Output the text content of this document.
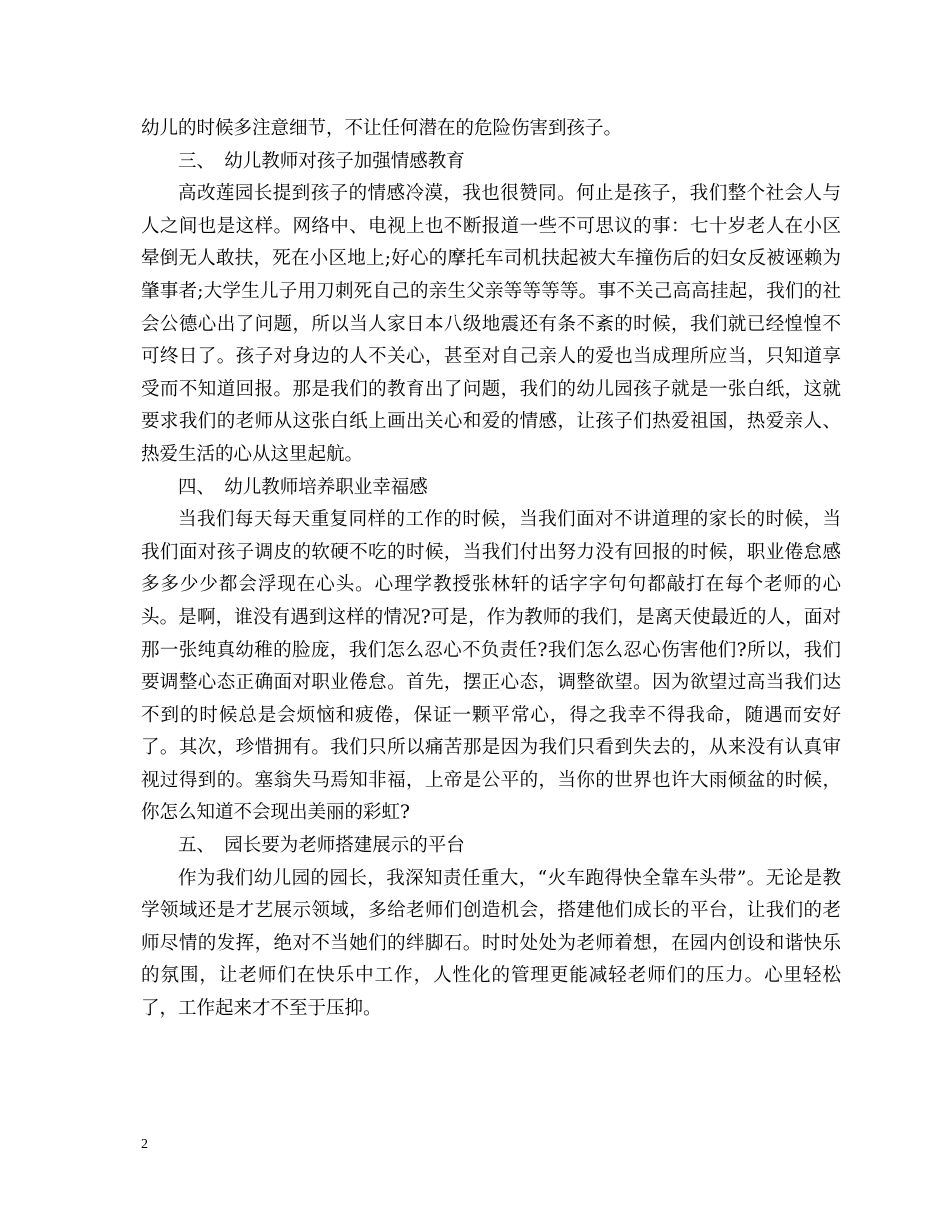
幼儿的时候多注意细节，不让任何潜在的危险伤害到孩子。

三、　幼儿教师对孩子加强情感教育

高改莲园长提到孩子的情感冷漠，我也很赞同。何止是孩子，我们整个社会人与人之间也是这样。网络中、电视上也不断报道一些不可思议的事：七十岁老人在小区晕倒无人敢扶，死在小区地上;好心的摩托车司机扶起被大车撞伤后的妇女反被诬赖为肇事者;大学生儿子用刀刺死自己的亲生父亲等等等等。事不关己高高挂起，我们的社会公德心出了问题，所以当人家日本八级地震还有条不紊的时候，我们就已经惶惶不可终日了。孩子对身边的人不关心，甚至对自己亲人的爱也当成理所应当，只知道享受而不知道回报。那是我们的教育出了问题，我们的幼儿园孩子就是一张白纸，这就要求我们的老师从这张白纸上画出关心和爱的情感，让孩子们热爱祖国，热爱亲人、热爱生活的心从这里起航。

四、　幼儿教师培养职业幸福感

当我们每天每天重复同样的工作的时候，当我们面对不讲道理的家长的时候，当我们面对孩子调皮的软硬不吃的时候，当我们付出努力没有回报的时候，职业倦怠感多多少少都会浮现在心头。心理学教授张林轩的话字字句句都敲打在每个老师的心头。是啊，谁没有遇到这样的情况?可是，作为教师的我们，是离天使最近的人，面对那一张纯真幼稚的脸庞，我们怎么忍心不负责任?我们怎么忍心伤害他们?所以，我们要调整心态正确面对职业倦怠。首先，摆正心态，调整欲望。因为欲望过高当我们达不到的时候总是会烦恼和疲倦，保证一颗平常心，得之我幸不得我命，随遇而安好了。其次，珍惜拥有。我们只所以痛苦那是因为我们只看到失去的，从来没有认真审视过得到的。塞翁失马焉知非福，上帝是公平的，当你的世界也许大雨倾盆的时候，你怎么知道不会现出美丽的彩虹?

五、　园长要为老师搭建展示的平台

作为我们幼儿园的园长，我深知责任重大，“火车跑得快全靠车头带”。无论是教学领域还是才艺展示领域，多给老师们创造机会，搭建他们成长的平台，让我们的老师尽情的发挥，绝对不当她们的绊脚石。时时处处为老师着想，在园内创设和谐快乐的氛围，让老师们在快乐中工作，人性化的管理更能减轻老师们的压力。心里轻松了，工作起来才不至于压抑。

2
